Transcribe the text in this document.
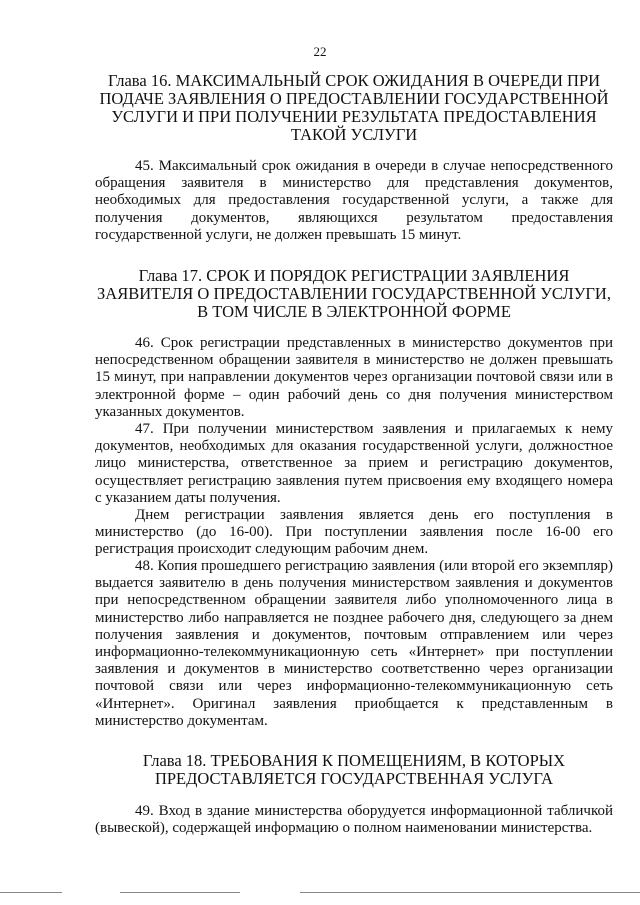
22
Глава 16. МАКСИМАЛЬНЫЙ СРОК ОЖИДАНИЯ В ОЧЕРЕДИ ПРИ ПОДАЧЕ ЗАЯВЛЕНИЯ О ПРЕДОСТАВЛЕНИИ ГОСУДАРСТВЕННОЙ УСЛУГИ И ПРИ ПОЛУЧЕНИИ РЕЗУЛЬТАТА ПРЕДОСТАВЛЕНИЯ ТАКОЙ УСЛУГИ
45. Максимальный срок ожидания в очереди в случае непосредственного обращения заявителя в министерство для представления документов, необходимых для предоставления государственной услуги, а также для получения документов, являющихся результатом предоставления государственной услуги, не должен превышать 15 минут.
Глава 17. СРОК И ПОРЯДОК РЕГИСТРАЦИИ ЗАЯВЛЕНИЯ ЗАЯВИТЕЛЯ О ПРЕДОСТАВЛЕНИИ ГОСУДАРСТВЕННОЙ УСЛУГИ, В ТОМ ЧИСЛЕ В ЭЛЕКТРОННОЙ ФОРМЕ
46. Срок регистрации представленных в министерство документов при непосредственном обращении заявителя в министерство не должен превышать 15 минут, при направлении документов через организации почтовой связи или в электронной форме – один рабочий день со дня получения министерством указанных документов.
47. При получении министерством заявления и прилагаемых к нему документов, необходимых для оказания государственной услуги, должностное лицо министерства, ответственное за прием и регистрацию документов, осуществляет регистрацию заявления путем присвоения ему входящего номера с указанием даты получения.
Днем регистрации заявления является день его поступления в министерство (до 16-00). При поступлении заявления после 16-00 его регистрация происходит следующим рабочим днем.
48. Копия прошедшего регистрацию заявления (или второй его экземпляр) выдается заявителю в день получения министерством заявления и документов при непосредственном обращении заявителя либо уполномоченного лица в министерство либо направляется не позднее рабочего дня, следующего за днем получения заявления и документов, почтовым отправлением или через информационно-телекоммуникационную сеть «Интернет» при поступлении заявления и документов в министерство соответственно через организации почтовой связи или через информационно-телекоммуникационную сеть «Интернет». Оригинал заявления приобщается к представленным в министерство документам.
Глава 18. ТРЕБОВАНИЯ К ПОМЕЩЕНИЯМ, В КОТОРЫХ ПРЕДОСТАВЛЯЕТСЯ ГОСУДАРСТВЕННАЯ УСЛУГА
49. Вход в здание министерства оборудуется информационной табличкой (вывеской), содержащей информацию о полном наименовании министерства.
